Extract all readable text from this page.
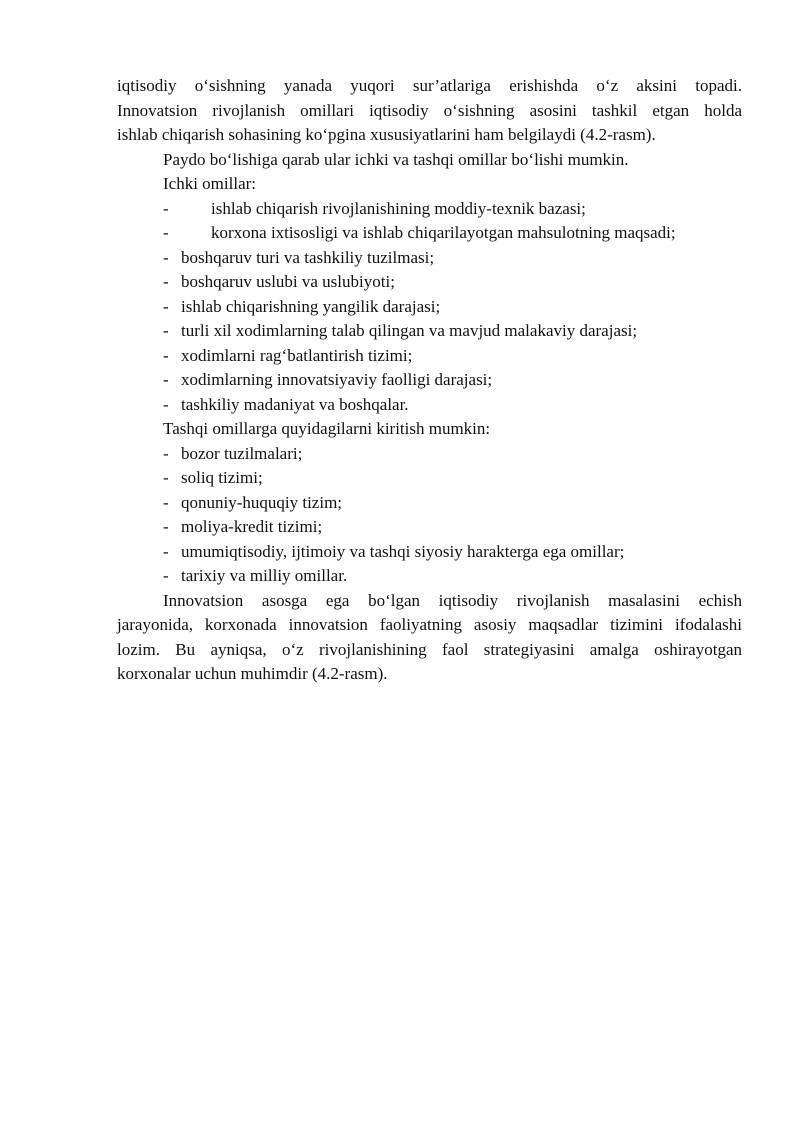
iqtisodiy o‘sishning yanada yuqori sur’atlariga erishishda o‘z aksini topadi.
Innovatsion rivojlanish omillari iqtisodiy o‘sishning asosini tashkil etgan holda
ishlab chiqarish sohasining ko‘pgina xususiyatlarini ham belgilaydi (4.2-rasm).
Paydo bo‘lishiga qarab ular ichki va tashqi omillar bo‘lishi mumkin.
Ichki omillar:
- ishlab chiqarish rivojlanishining moddiy-texnik bazasi;
- korxona ixtisosligi va ishlab chiqarilayotgan mahsulotning maqsadi;
- boshqaruv turi va tashkiliy tuzilmasi;
- boshqaruv uslubi va uslubiyoti;
- ishlab chiqarishning yangilik darajasi;
- turli xil xodimlarning talab qilingan va mavjud malakaviy darajasi;
- xodimlarni rag‘batlantirish tizimi;
- xodimlarning innovatsiyaviy faolligi darajasi;
- tashkiliy madaniyat va boshqalar.
Tashqi omillarga quyidagilarni kiritish mumkin:
- bozor tuzilmalari;
- soliq tizimi;
- qonuniy-huquqiy tizim;
- moliya-kredit tizimi;
- umumiqtisodiy, ijtimoiy va tashqi siyosiy harakterga ega omillar;
- tarixiy va milliy omillar.
Innovatsion asosga ega bo‘lgan iqtisodiy rivojlanish masalasini echish
jarayonida, korxonada innovatsion faoliyatning asosiy maqsadlar tizimini ifodalashi
lozim. Bu ayniqsa, o‘z rivojlanishining faol strategiyasini amalga oshirayotgan
korxonalar uchun muhimdir (4.2-rasm).
